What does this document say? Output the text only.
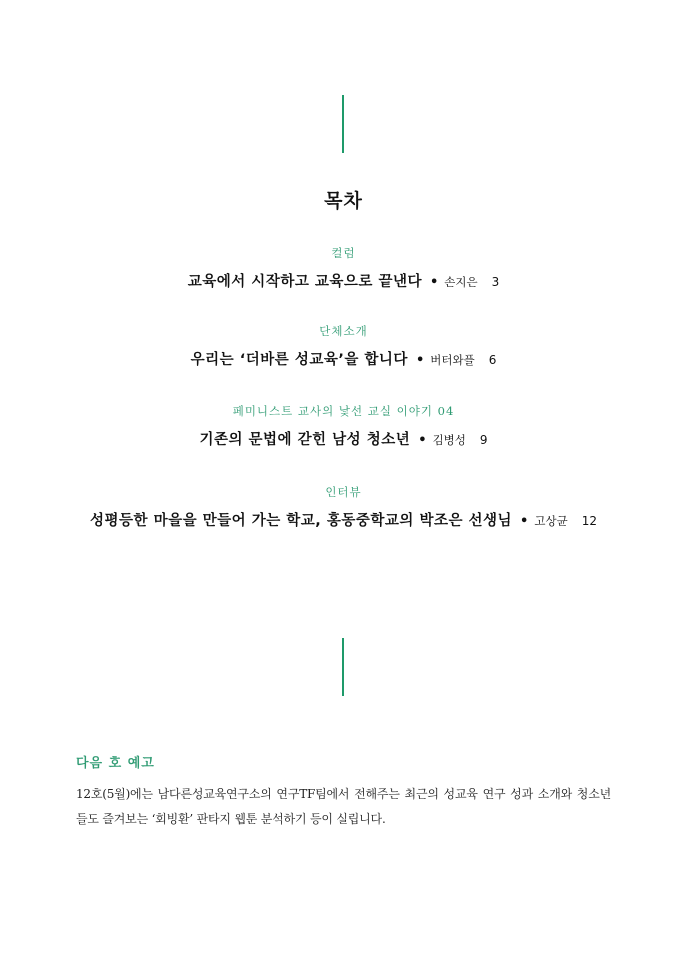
목차
컬럼
교육에서 시작하고 교육으로 끝낸다 • 손지은 3
단체소개
우리는 ‘더바른 성교육’을 합니다 • 버터와플 6
페미니스트 교사의 낯선 교실 이야기 04
기존의 문법에 갇힌 남성 청소년 • 김병성 9
인터뷰
성평등한 마을을 만들어 가는 학교, 홍동중학교의 박조은 선생님 • 고상균 12
다음 호 예고
12호(5월)에는 남다른성교육연구소의 연구TF팀에서 전해주는 최근의 성교육 연구 성과 소개와 청소년들도 즐겨보는 ‘회빙환’ 판타지 웹툰 분석하기 등이 실립니다.
